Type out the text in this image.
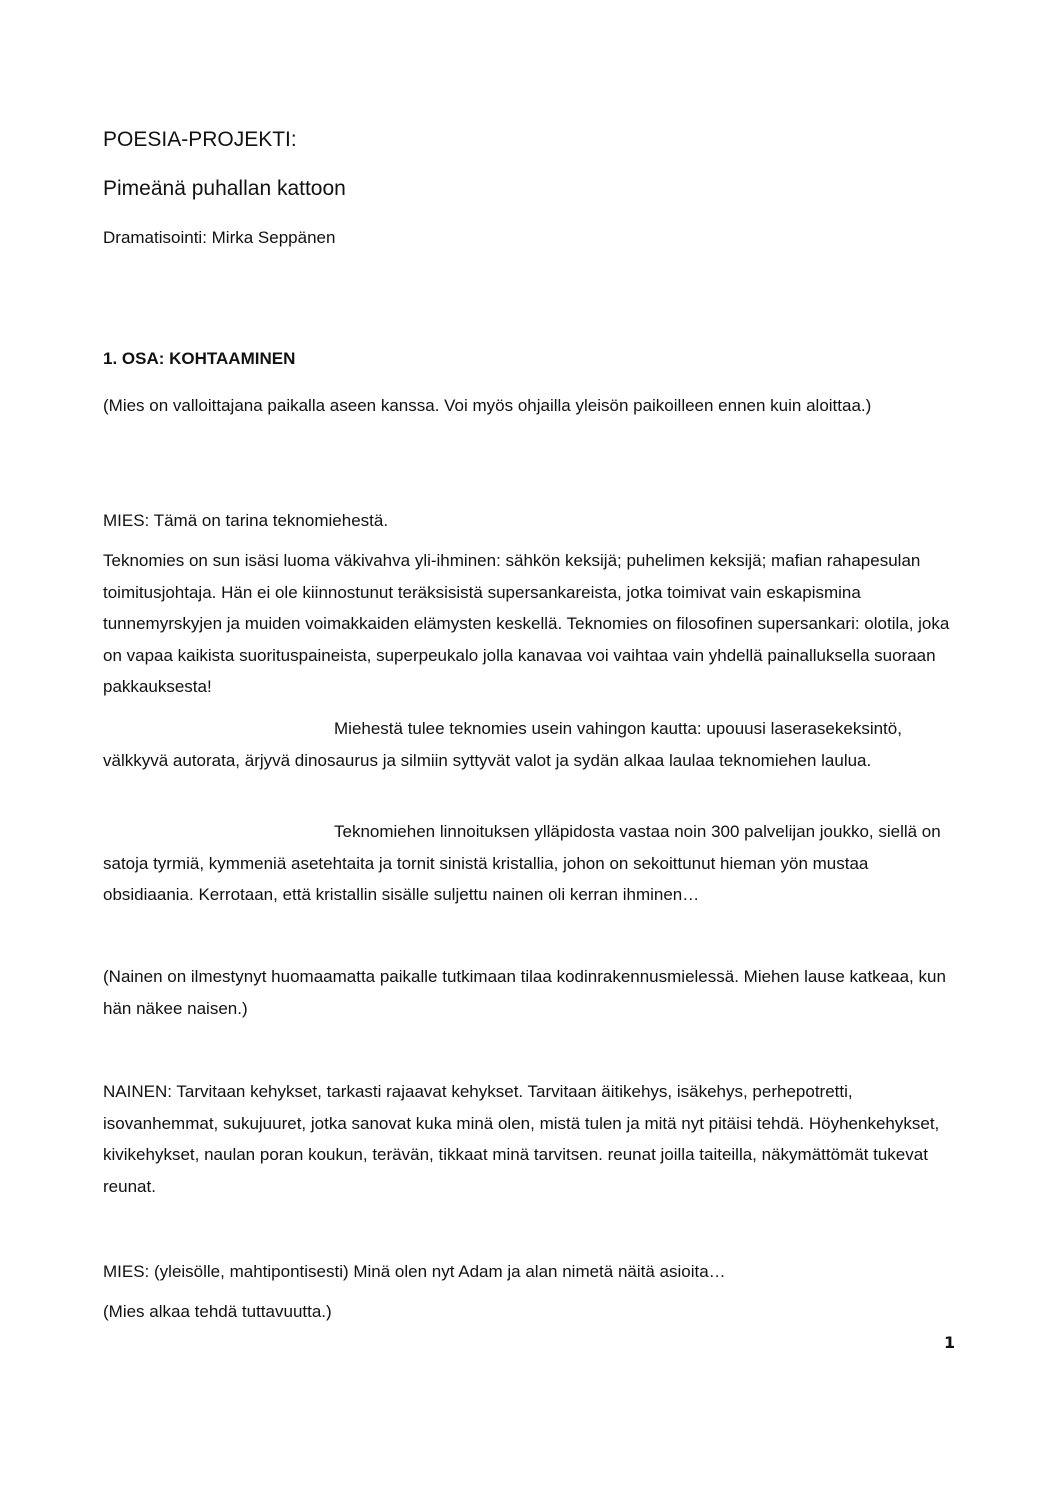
POESIA-PROJEKTI:
Pimeänä puhallan kattoon

Dramatisointi: Mirka Seppänen

1. OSA: KOHTAAMINEN

(Mies on valloittajana paikalla aseen kanssa. Voi myös ohjailla yleisön paikoilleen ennen kuin aloittaa.)

MIES: Tämä on tarina teknomiehestä.

Teknomies on sun isäsi luoma väkivahva yli-ihminen: sähkön keksijä; puhelimen keksijä; mafian rahapesulan toimitusjohtaja. Hän ei ole kiinnostunut teräksisistä supersankareista, jotka toimivat vain eskapismina tunnemyrskyjen ja muiden voimakkaiden elämysten keskellä. Teknomies on filosofinen supersankari: olotila, joka on vapaa kaikista suorituspaineista, superpeukalo jolla kanavaa voi vaihtaa vain yhdellä painalluksella suoraan pakkauksesta!

Miehestä tulee teknomies usein vahingon kautta: upouusi laserasekeksintö, välkkyvä autorata, ärjyvä dinosaurus ja silmiin syttyvät valot ja sydän alkaa laulaa teknomiehen laulua.

Teknomiehen linnoituksen ylläpidosta vastaa noin 300 palvelijan joukko, siellä on satoja tyrmiä, kymmeniä asetehtaita ja tornit sinistä kristallia, johon on sekoittunut hieman yön mustaa obsidiaania. Kerrotaan, että kristallin sisälle suljettu nainen oli kerran ihminen…

(Nainen on ilmestynyt huomaamatta paikalle tutkimaan tilaa kodinrakennusmielessä. Miehen lause katkeaa, kun hän näkee naisen.)

NAINEN: Tarvitaan kehykset, tarkasti rajaavat kehykset. Tarvitaan äitikehys, isäkehys, perhepotretti, isovanhemmat, sukujuuret, jotka sanovat kuka minä olen, mistä tulen ja mitä nyt pitäisi tehdä. Höyhenkehykset, kivikehykset, naulan poran koukun, terävän, tikkaat minä tarvitsen. reunat joilla taiteilla, näkymättömät tukevat reunat.

MIES: (yleisölle, mahtipontisesti) Minä olen nyt Adam ja alan nimetä näitä asioita…

(Mies alkaa tehdä tuttavuutta.)

1
